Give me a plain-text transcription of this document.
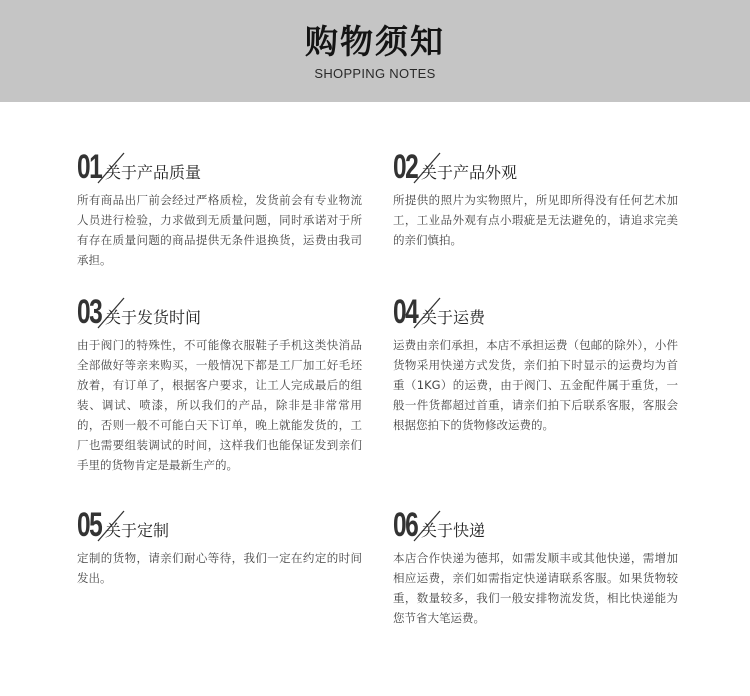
购物须知
SHOPPING NOTES
01 关于产品质量
所有商品出厂前会经过严格质检，发货前会有专业物流人员进行检验，力求做到无质量问题，同时承诺对于所有存在质量问题的商品提供无条件退换货，运费由我司承担。
02 关于产品外观
所提供的照片为实物照片，所见即所得没有任何艺术加工，工业品外观有点小瑕疵是无法避免的，请追求完美的亲们慎拍。
03 关于发货时间
由于阀门的特殊性，不可能像衣服鞋子手机这类快消品全部做好等亲来购买，一般情况下都是工厂加工好毛坯放着，有订单了，根据客户要求，让工人完成最后的组装、调试、喷漆，所以我们的产品，除非是非常常用的，否则一般不可能白天下订单，晚上就能发货的，工厂也需要组装调试的时间，这样我们也能保证发到亲们手里的货物肯定是最新生产的。
04 关于运费
运费由亲们承担，本店不承担运费（包邮的除外），小件货物采用快递方式发货，亲们拍下时显示的运费均为首重（1KG）的运费，由于阀门、五金配件属于重货，一般一件货都超过首重，请亲们拍下后联系客服，客服会根据您拍下的货物修改运费的。
05 关于定制
定制的货物，请亲们耐心等待，我们一定在约定的时间发出。
06 关于快递
本店合作快递为德邦，如需发顺丰或其他快递，需增加相应运费，亲们如需指定快递请联系客服。如果货物较重，数量较多，我们一般安排物流发货，相比快递能为您节省大笔运费。
